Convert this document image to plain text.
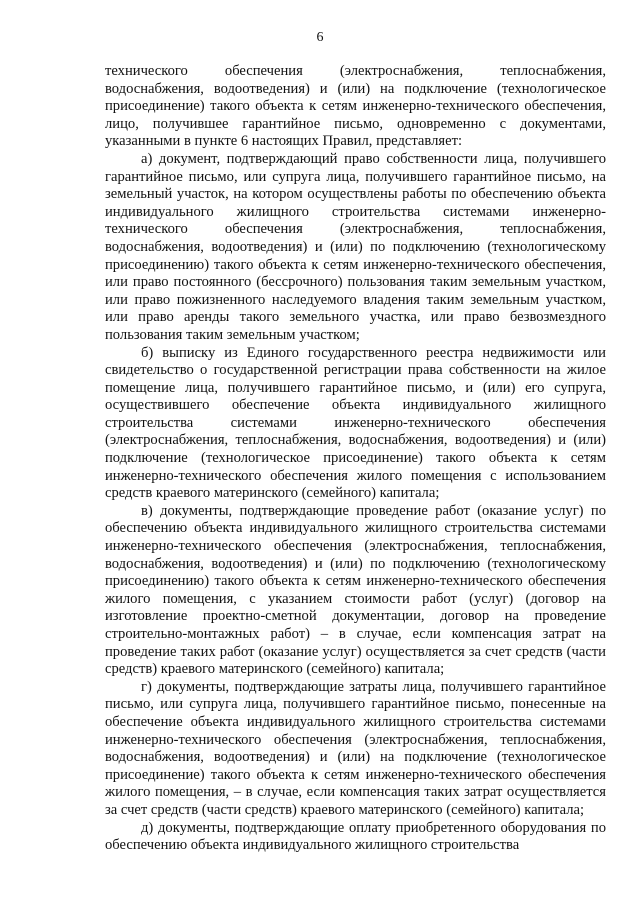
6

технического обеспечения (электроснабжения, теплоснабжения, водоснабжения, водоотведения) и (или) на подключение (технологическое присоединение) такого объекта к сетям инженерно-технического обеспечения, лицо, получившее гарантийное письмо, одновременно с документами, указанными в пункте 6 настоящих Правил, представляет:

а) документ, подтверждающий право собственности лица, получившего гарантийное письмо, или супруга лица, получившего гарантийное письмо, на земельный участок, на котором осуществлены работы по обеспечению объекта индивидуального жилищного строительства системами инженерно-технического обеспечения (электроснабжения, теплоснабжения, водоснабжения, водоотведения) и (или) по подключению (технологическому присоединению) такого объекта к сетям инженерно-технического обеспечения, или право постоянного (бессрочного) пользования таким земельным участком, или право пожизненного наследуемого владения таким земельным участком, или право аренды такого земельного участка, или право безвозмездного пользования таким земельным участком;

б) выписку из Единого государственного реестра недвижимости или свидетельство о государственной регистрации права собственности на жилое помещение лица, получившего гарантийное письмо, и (или) его супруга, осуществившего обеспечение объекта индивидуального жилищного строительства системами инженерно-технического обеспечения (электроснабжения, теплоснабжения, водоснабжения, водоотведения) и (или) подключение (технологическое присоединение) такого объекта к сетям инженерно-технического обеспечения жилого помещения с использованием средств краевого материнского (семейного) капитала;

в) документы, подтверждающие проведение работ (оказание услуг) по обеспечению объекта индивидуального жилищного строительства системами инженерно-технического обеспечения (электроснабжения, теплоснабжения, водоснабжения, водоотведения) и (или) по подключению (технологическому присоединению) такого объекта к сетям инженерно-технического обеспечения жилого помещения, с указанием стоимости работ (услуг) (договор на изготовление проектно-сметной документации, договор на проведение строительно-монтажных работ) – в случае, если компенсация затрат на проведение таких работ (оказание услуг) осуществляется за счет средств (части средств) краевого материнского (семейного) капитала;

г) документы, подтверждающие затраты лица, получившего гарантийное письмо, или супруга лица, получившего гарантийное письмо, понесенные на обеспечение объекта индивидуального жилищного строительства системами инженерно-технического обеспечения (электроснабжения, теплоснабжения, водоснабжения, водоотведения) и (или) на подключение (технологическое присоединение) такого объекта к сетям инженерно-технического обеспечения жилого помещения, – в случае, если компенсация таких затрат осуществляется за счет средств (части средств) краевого материнского (семейного) капитала;

д) документы, подтверждающие оплату приобретенного оборудования по обеспечению объекта индивидуального жилищного строительства
